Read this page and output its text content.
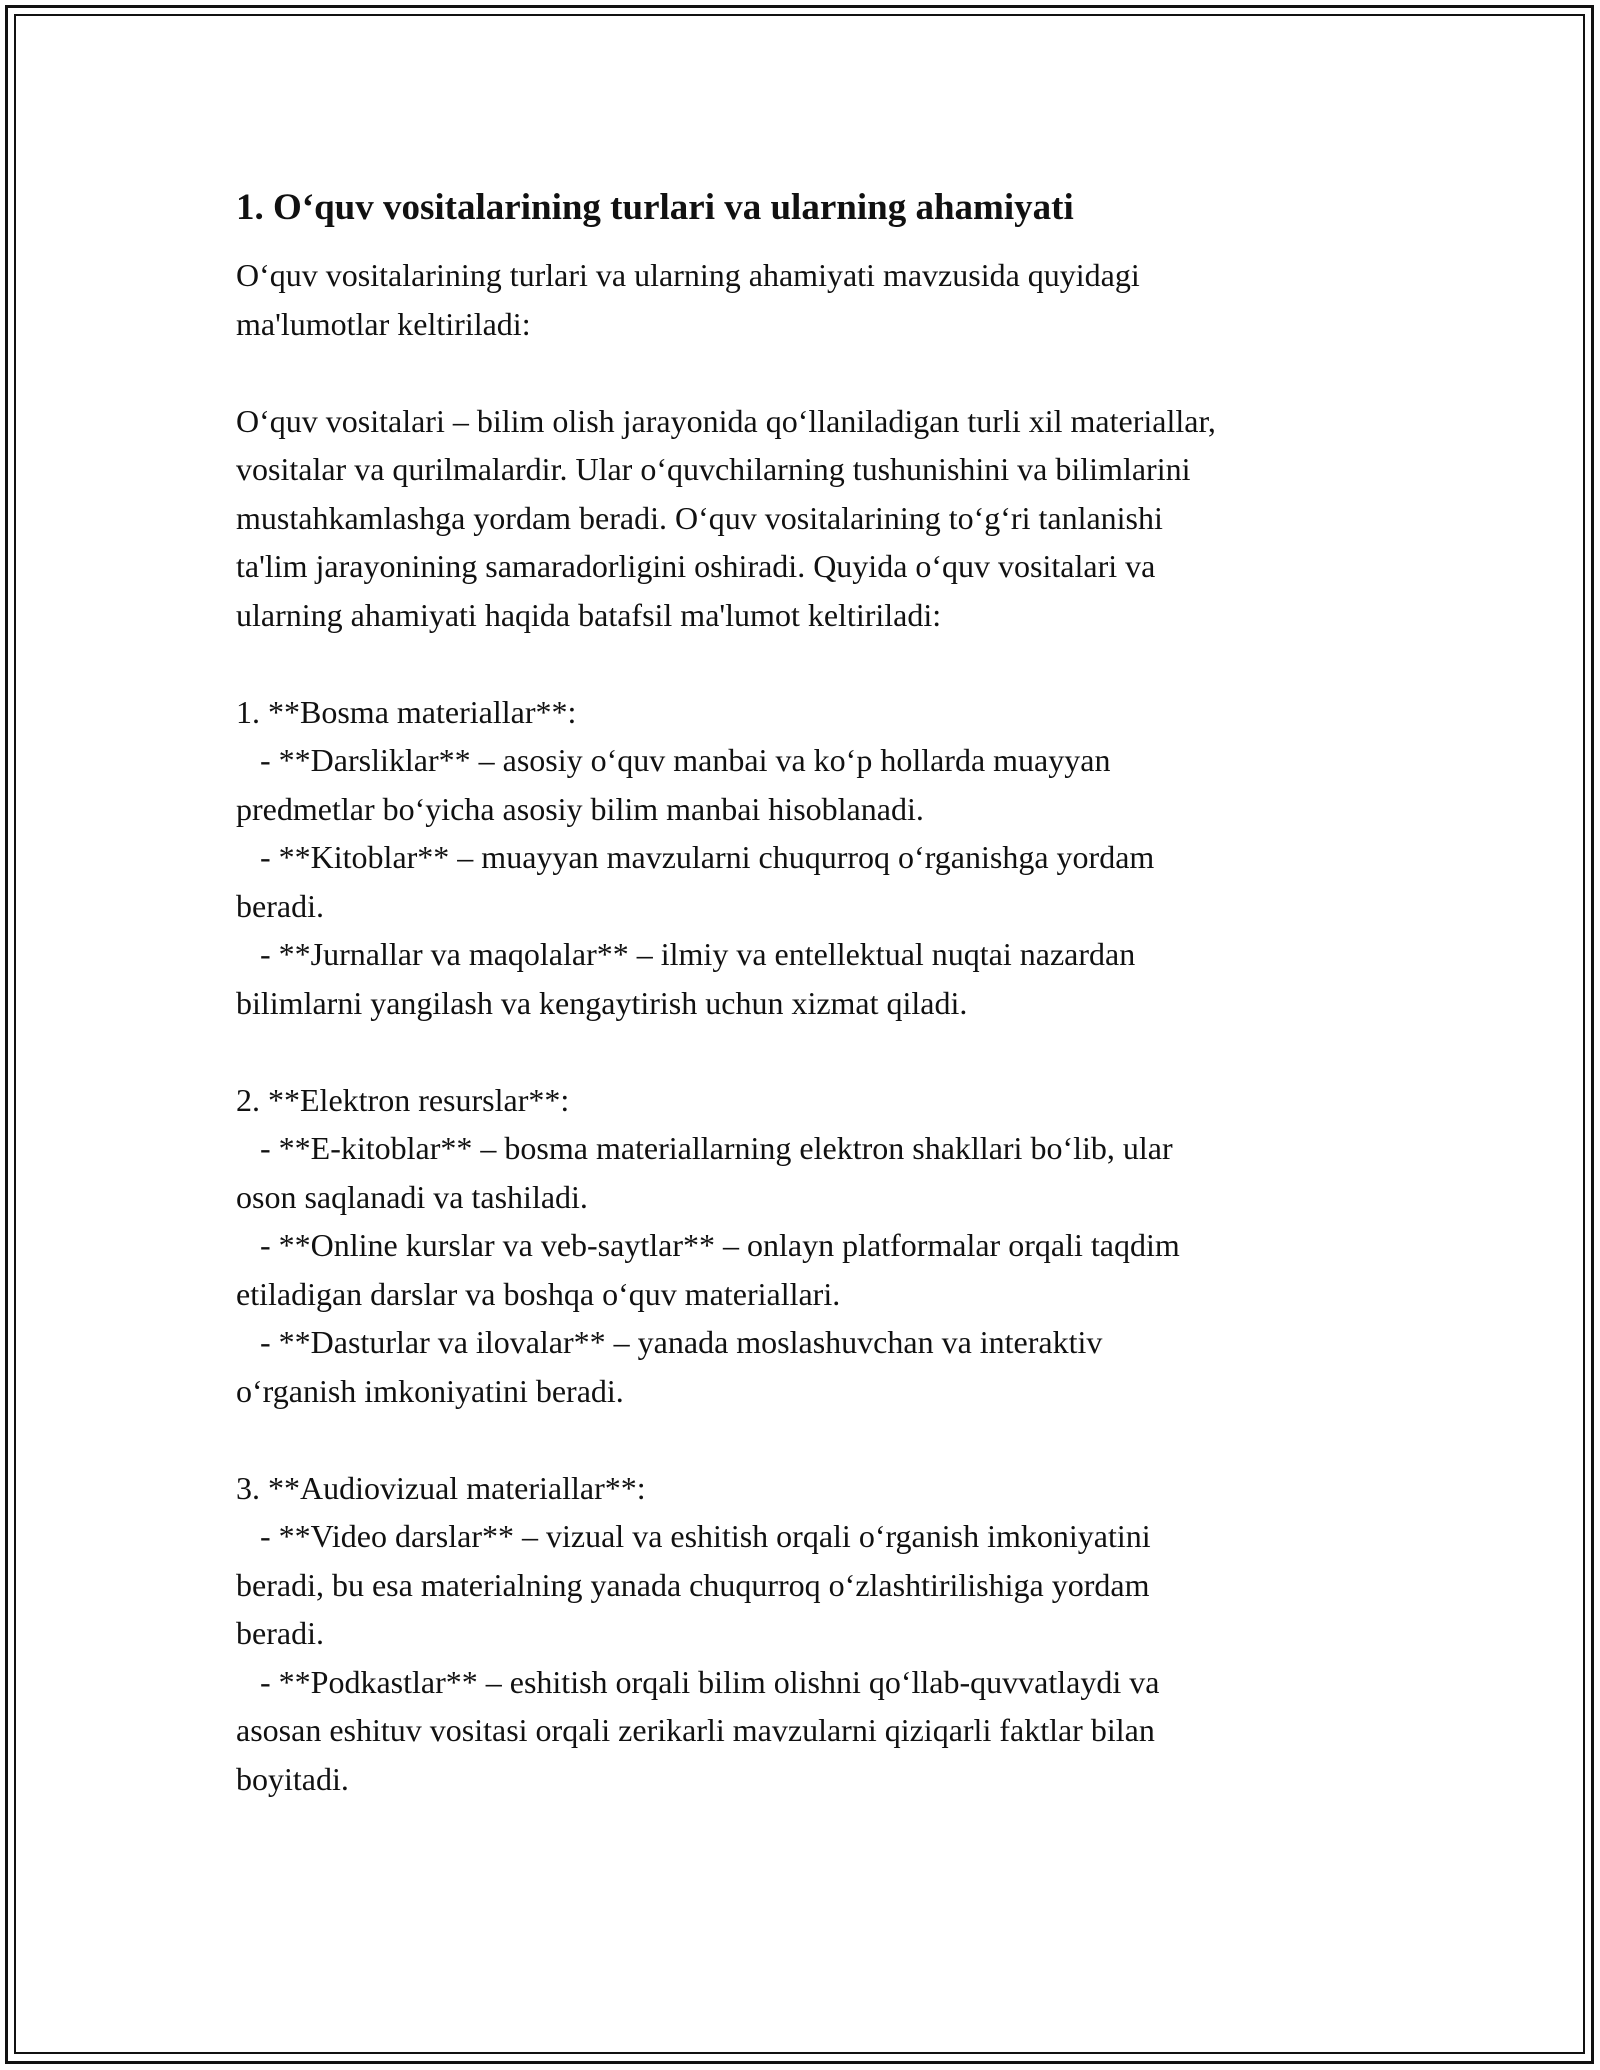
1. O‘quv vositalarining turlari va ularning ahamiyati
O‘quv vositalarining turlari va ularning ahamiyati mavzusida quyidagi
ma'lumotlar keltiriladi:
O‘quv vositalari – bilim olish jarayonida qo‘llaniladigan turli xil materiallar,
vositalar va qurilmalardir. Ular o‘quvchilarning tushunishini va bilimlarini
mustahkamlashga yordam beradi. O‘quv vositalarining to‘g‘ri tanlanishi
ta'lim jarayonining samaradorligini oshiradi. Quyida o‘quv vositalari va
ularning ahamiyati haqida batafsil ma'lumot keltiriladi:
1. **Bosma materiallar**:
- **Darsliklar** – asosiy o‘quv manbai va ko‘p hollarda muayyan
predmetlar bo‘yicha asosiy bilim manbai hisoblanadi.
- **Kitoblar** – muayyan mavzularni chuqurroq o‘rganishga yordam
beradi.
- **Jurnallar va maqolalar** – ilmiy va entellektual nuqtai nazardan
bilimlarni yangilash va kengaytirish uchun xizmat qiladi.
2. **Elektron resurslar**:
- **E-kitoblar** – bosma materiallarning elektron shakllari bo‘lib, ular
oson saqlanadi va tashiladi.
- **Online kurslar va veb-saytlar** – onlayn platformalar orqali taqdim
etiladigan darslar va boshqa o‘quv materiallari.
- **Dasturlar va ilovalar** – yanada moslashuvchan va interaktiv
o‘rganish imkoniyatini beradi.
3. **Audiovizual materiallar**:
- **Video darslar** – vizual va eshitish orqali o‘rganish imkoniyatini
beradi, bu esa materialning yanada chuqurroq o‘zlashtirilishiga yordam
beradi.
- **Podkastlar** – eshitish orqali bilim olishni qo‘llab-quvvatlaydi va
asosan eshituv vositasi orqali zerikarli mavzularni qiziqarli faktlar bilan
boyitadi.
